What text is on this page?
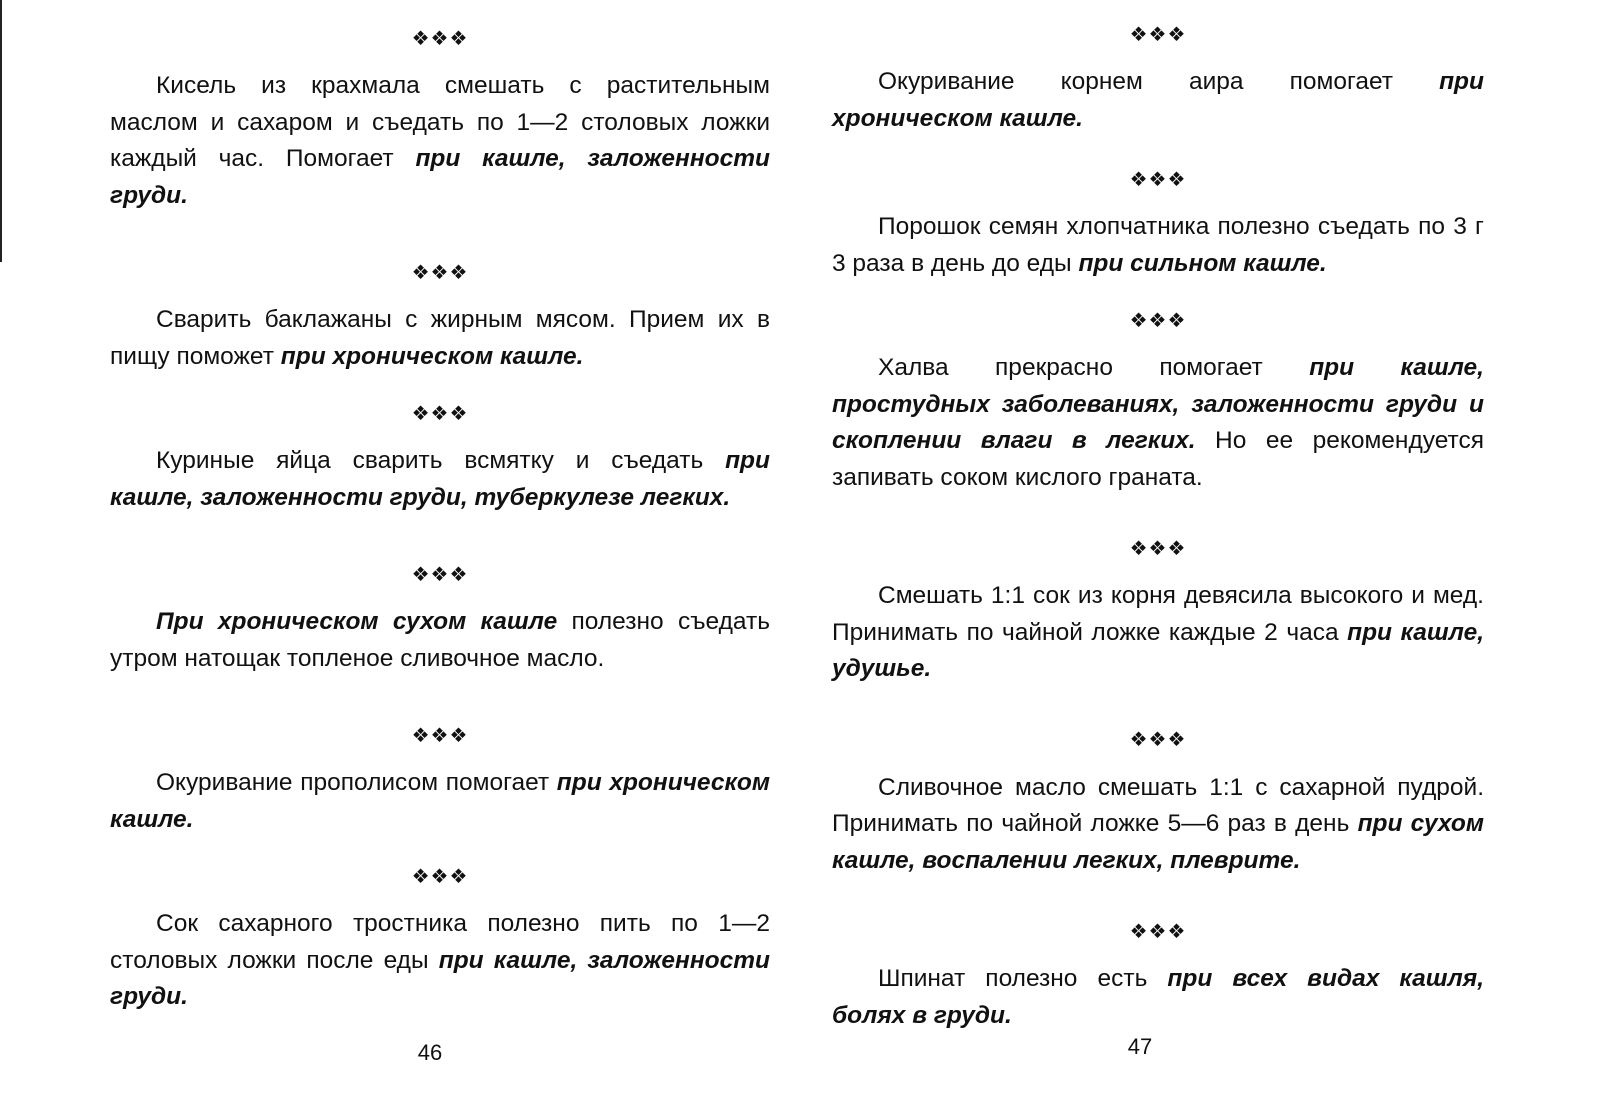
❖❖❖

Кисель из крахмала смешать с растительным маслом и сахаром и съедать по 1—2 столовых ложки каждый час. Помогает при кашле, заложенности груди.

❖❖❖

Сварить баклажаны с жирным мясом. Прием их в пищу поможет при хроническом кашле.

❖❖❖

Куриные яйца сварить всмятку и съедать при кашле, заложенности груди, туберкулезе легких.

❖❖❖

При хроническом сухом кашле полезно съедать утром натощак топленое сливочное масло.

❖❖❖

Окуривание прополисом помогает при хроническом кашле.

❖❖❖

Сок сахарного тростника полезно пить по 1—2 столовых ложки после еды при кашле, заложенности груди.

46
❖❖❖

Окуривание корнем аира помогает при хроническом кашле.

❖❖❖

Порошок семян хлопчатника полезно съедать по 3 г 3 раза в день до еды при сильном кашле.

❖❖❖

Халва прекрасно помогает при кашле, простудных заболеваниях, заложенности груди и скоплении влаги в легких. Но ее рекомендуется запивать соком кислого граната.

❖❖❖

Смешать 1:1 сок из корня девясила высокого и мед. Принимать по чайной ложке каждые 2 часа при кашле, удушье.

❖❖❖

Сливочное масло смешать 1:1 с сахарной пудрой. Принимать по чайной ложке 5—6 раз в день при сухом кашле, воспалении легких, плеврите.

❖❖❖

Шпинат полезно есть при всех видах кашля, болях в груди.

47
